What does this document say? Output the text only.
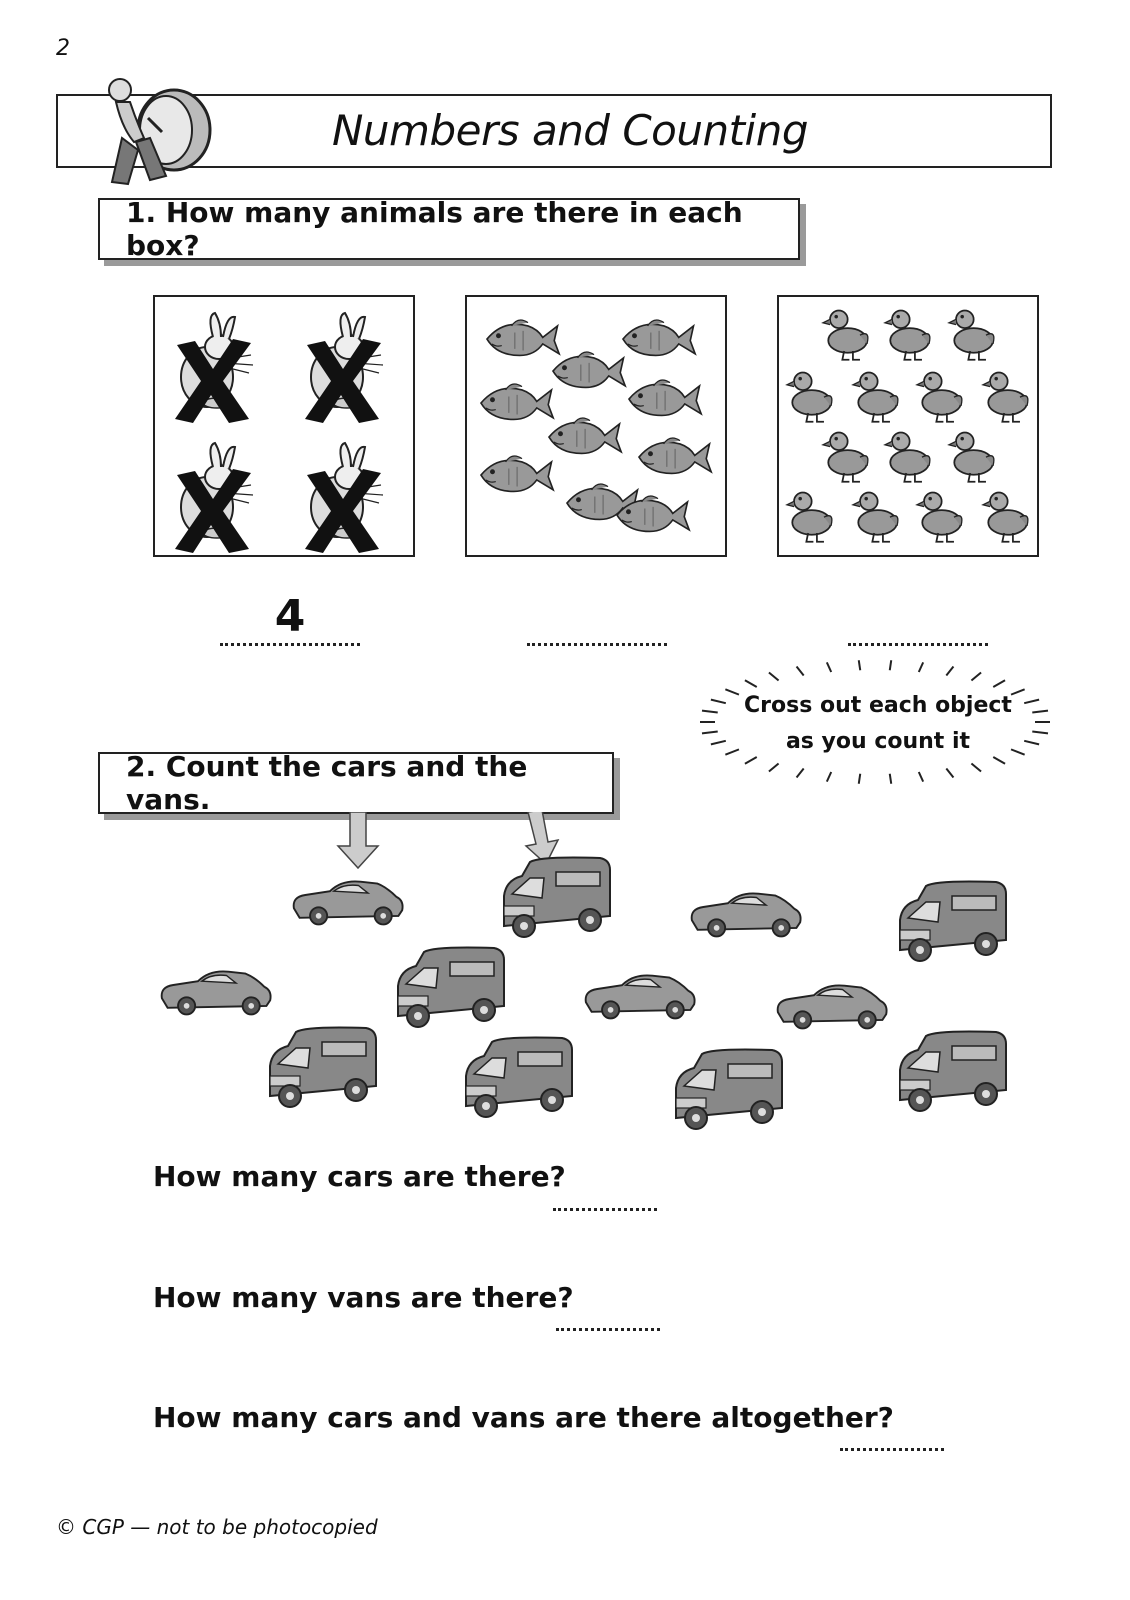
2
Numbers and Counting
1. How many animals are there in each box?
4
Cross out each object
as you count it
2. Count the cars and the vans.
How many cars are there?
How many vans are there?
How many cars and vans are there altogether?
© CGP — not to be photocopied
